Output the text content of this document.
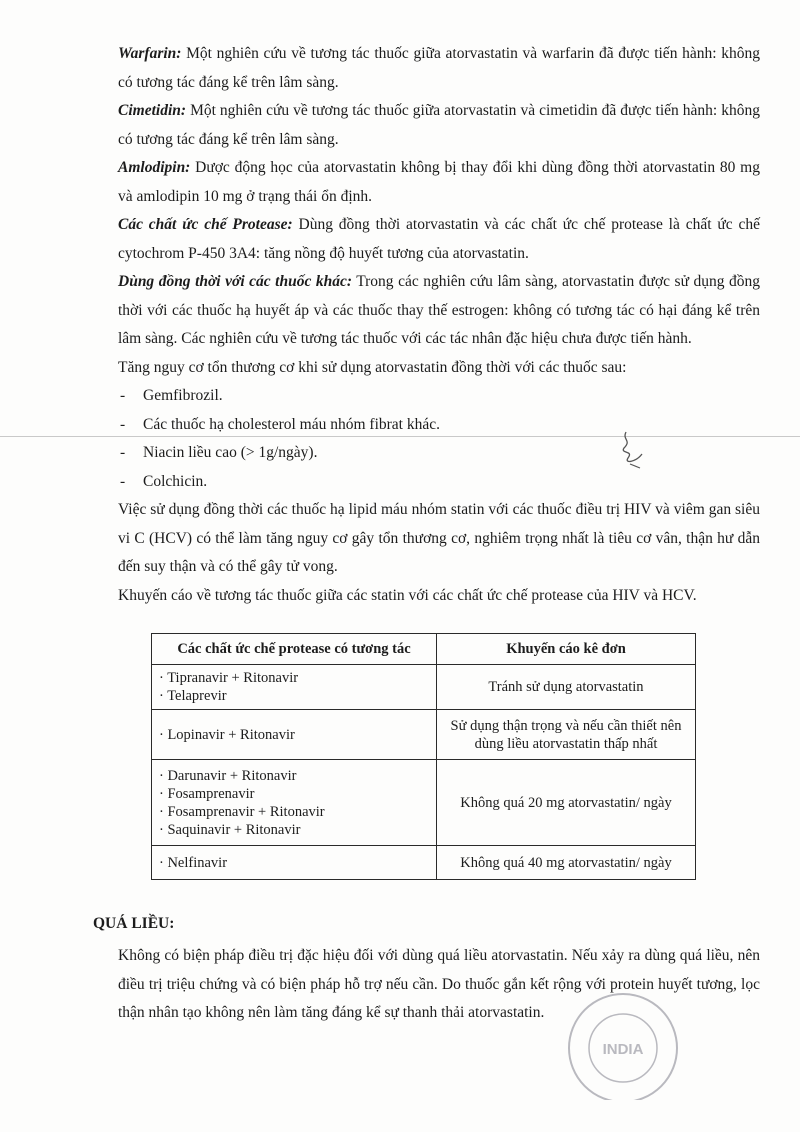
Warfarin: Một nghiên cứu về tương tác thuốc giữa atorvastatin và warfarin đã được tiến hành: không có tương tác đáng kể trên lâm sàng.

Cimetidin: Một nghiên cứu về tương tác thuốc giữa atorvastatin và cimetidin đã được tiến hành: không có tương tác đáng kể trên lâm sàng.

Amlodipin: Dược động học của atorvastatin không bị thay đổi khi dùng đồng thời atorvastatin 80 mg và amlodipin 10 mg ở trạng thái ổn định.

Các chất ức chế Protease: Dùng đồng thời atorvastatin và các chất ức chế protease là chất ức chế cytochrom P-450 3A4: tăng nồng độ huyết tương của atorvastatin.

Dùng đồng thời với các thuốc khác: Trong các nghiên cứu lâm sàng, atorvastatin được sử dụng đồng thời với các thuốc hạ huyết áp và các thuốc thay thế estrogen: không có tương tác có hại đáng kể trên lâm sàng. Các nghiên cứu về tương tác thuốc với các tác nhân đặc hiệu chưa được tiến hành.

Tăng nguy cơ tổn thương cơ khi sử dụng atorvastatin đồng thời với các thuốc sau:

- Gemfibrozil.
- Các thuốc hạ cholesterol máu nhóm fibrat khác.
- Niacin liều cao (> 1g/ngày).
- Colchicin.

Việc sử dụng đồng thời các thuốc hạ lipid máu nhóm statin với các thuốc điều trị HIV và viêm gan siêu vi C (HCV) có thể làm tăng nguy cơ gây tổn thương cơ, nghiêm trọng nhất là tiêu cơ vân, thận hư dẫn đến suy thận và có thể gây tử vong.

Khuyến cáo về tương tác thuốc giữa các statin với các chất ức chế protease của HIV và HCV.

Các chất ức chế protease có tương tác	Khuyến cáo kê đơn

· Tipranavir + Ritonavir
· Telaprevir	Tránh sử dụng atorvastatin

· Lopinavir + Ritonavir	Sử dụng thận trọng và nếu cần thiết nên dùng liều atorvastatin thấp nhất

· Darunavir + Ritonavir
· Fosamprenavir
· Fosamprenavir + Ritonavir
· Saquinavir + Ritonavir	Không quá 20 mg atorvastatin/ ngày

· Nelfinavir	Không quá 40 mg atorvastatin/ ngày
QUÁ LIỀU:

Không có biện pháp điều trị đặc hiệu đối với dùng quá liều atorvastatin. Nếu xảy ra dùng quá liều, nên điều trị triệu chứng và có biện pháp hỗ trợ nếu cần. Do thuốc gắn kết rộng với protein huyết tương, lọc thận nhân tạo không nên làm tăng đáng kể sự thanh thải atorvastatin.

INDIA
